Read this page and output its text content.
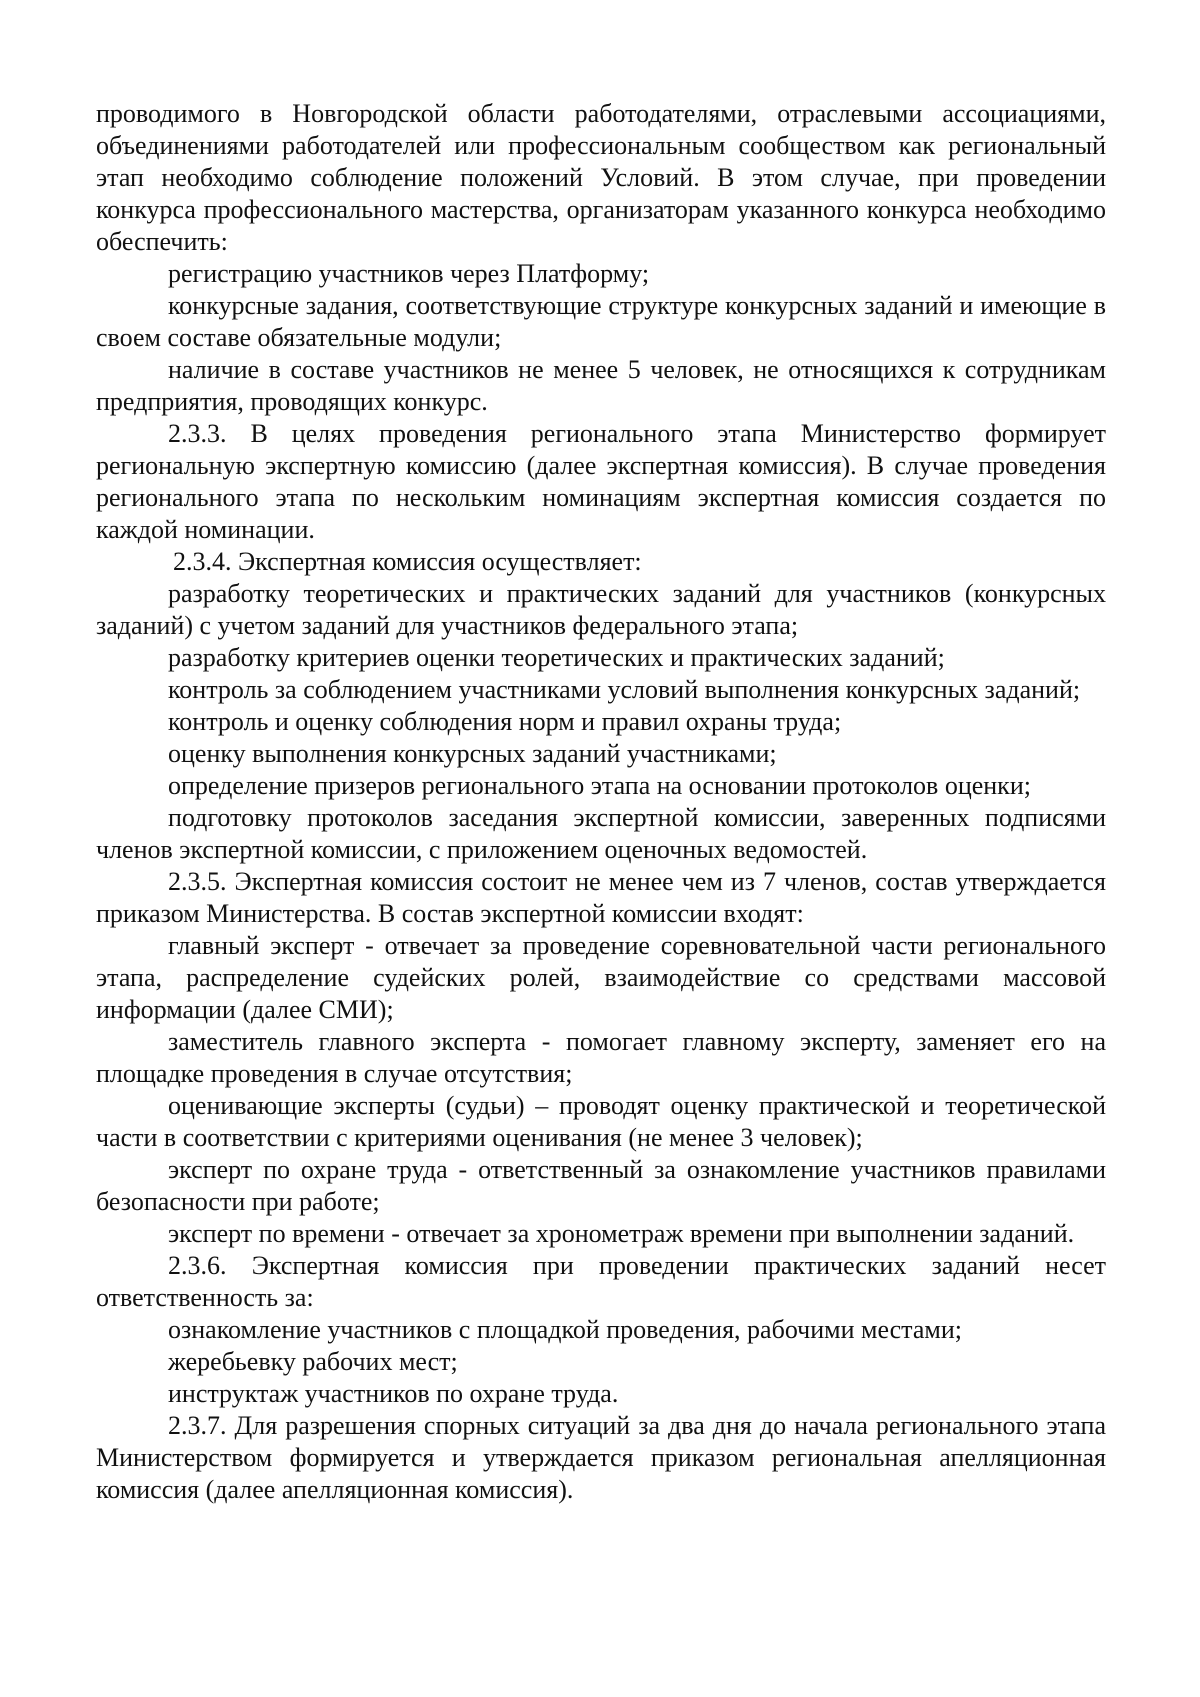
проводимого в Новгородской области работодателями, отраслевыми ассоциациями, объединениями работодателей или профессиональным сообществом как региональный этап необходимо соблюдение положений Условий. В этом случае, при проведении конкурса профессионального мастерства, организаторам указанного конкурса необходимо обеспечить:

регистрацию участников через Платформу;

конкурсные задания, соответствующие структуре конкурсных заданий и имеющие в своем составе обязательные модули;

наличие в составе участников не менее 5 человек, не относящихся к сотрудникам предприятия, проводящих конкурс.

2.3.3. В целях проведения регионального этапа Министерство формирует региональную экспертную комиссию (далее экспертная комиссия). В случае проведения регионального этапа по нескольким номинациям экспертная комиссия создается по каждой номинации.

2.3.4. Экспертная комиссия осуществляет:

разработку теоретических и практических заданий для участников (конкурсных заданий) с учетом заданий для участников федерального этапа;

разработку критериев оценки теоретических и практических заданий;

контроль за соблюдением участниками условий выполнения конкурсных заданий;

контроль и оценку соблюдения норм и правил охраны труда;

оценку выполнения конкурсных заданий участниками;

определение призеров регионального этапа на основании протоколов оценки;

подготовку протоколов заседания экспертной комиссии, заверенных подписями членов экспертной комиссии, с приложением оценочных ведомостей.

2.3.5. Экспертная комиссия состоит не менее чем из 7 членов, состав утверждается приказом Министерства. В состав экспертной комиссии входят:

главный эксперт - отвечает за проведение соревновательной части регионального этапа, распределение судейских ролей, взаимодействие со средствами массовой информации (далее СМИ);

заместитель главного эксперта - помогает главному эксперту, заменяет его на площадке проведения в случае отсутствия;

оценивающие эксперты (судьи) – проводят оценку практической и теоретической части в соответствии с критериями оценивания (не менее 3 человек);

эксперт по охране труда - ответственный за ознакомление участников правилами безопасности при работе;

эксперт по времени - отвечает за хронометраж времени при выполнении заданий.

2.3.6. Экспертная комиссия при проведении практических заданий несет ответственность за:

ознакомление участников с площадкой проведения, рабочими местами;

жеребьевку рабочих мест;

инструктаж участников по охране труда.

2.3.7. Для разрешения спорных ситуаций за два дня до начала регионального этапа Министерством формируется и утверждается приказом региональная апелляционная комиссия (далее апелляционная комиссия).
